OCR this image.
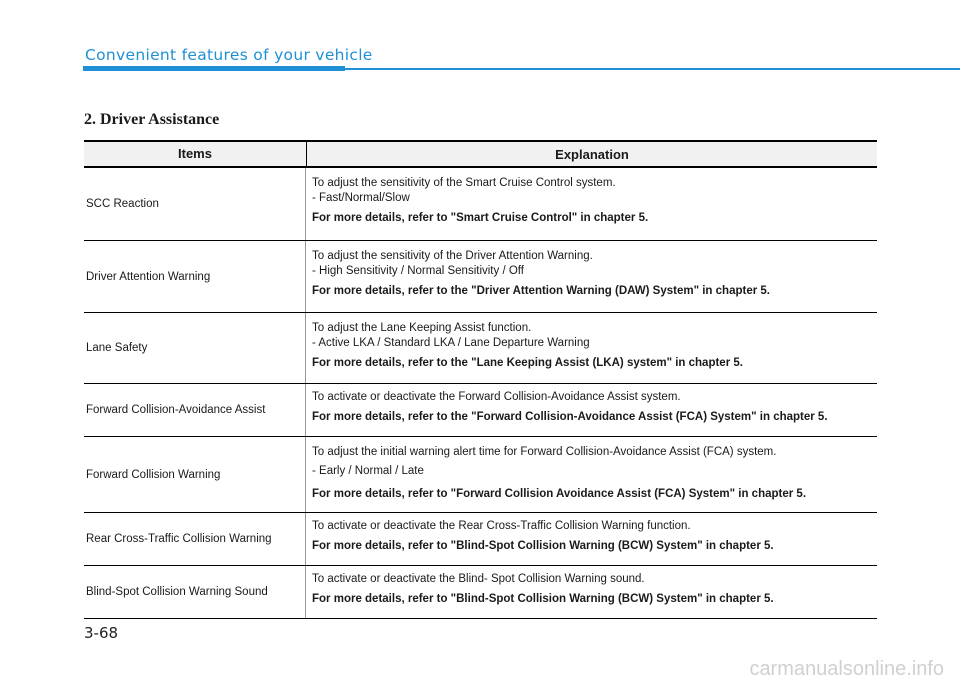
Convenient features of your vehicle
2. Driver Assistance
Items	Explanation
SCC Reaction
To adjust the sensitivity of the Smart Cruise Control system.
- Fast/Normal/Slow
For more details, refer to "Smart Cruise Control" in chapter 5.
Driver Attention Warning
To adjust the sensitivity of the Driver Attention Warning.
- High Sensitivity / Normal Sensitivity / Off
For more details, refer to the "Driver Attention Warning (DAW) System" in chapter 5.
Lane Safety
To adjust the Lane Keeping Assist function.
- Active LKA / Standard LKA / Lane Departure Warning
For more details, refer to the "Lane Keeping Assist (LKA) system" in chapter 5.
Forward Collision-Avoidance Assist
To activate or deactivate the Forward Collision-Avoidance Assist system.
For more details, refer to the "Forward Collision-Avoidance Assist (FCA) System" in chapter 5.
Forward Collision Warning
To adjust the initial warning alert time for Forward Collision-Avoidance Assist (FCA) system.
- Early / Normal / Late
For more details, refer to "Forward Collision Avoidance Assist (FCA) System" in chapter 5.
Rear Cross-Traffic Collision Warning
To activate or deactivate the Rear Cross-Traffic Collision Warning function.
For more details, refer to "Blind-Spot Collision Warning (BCW) System" in chapter 5.
Blind-Spot Collision Warning Sound
To activate or deactivate the Blind- Spot Collision Warning sound.
For more details, refer to "Blind-Spot Collision Warning (BCW) System" in chapter 5.
3-68
carmanualsonline.info
